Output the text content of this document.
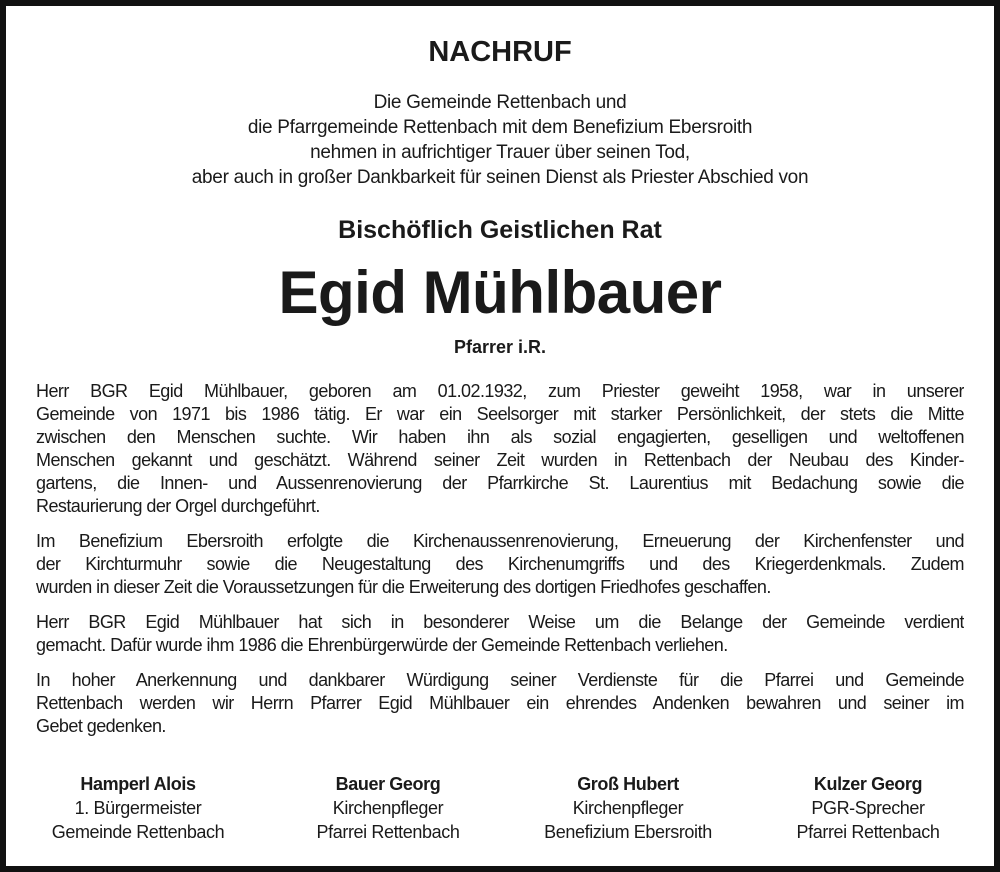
NACHRUF
Die Gemeinde Rettenbach und
die Pfarrgemeinde Rettenbach mit dem Benefizium Ebersroith
nehmen in aufrichtiger Trauer über seinen Tod,
aber auch in großer Dankbarkeit für seinen Dienst als Priester Abschied von
Bischöflich Geistlichen Rat
Egid Mühlbauer
Pfarrer i.R.
Herr BGR Egid Mühlbauer, geboren am 01.02.1932, zum Priester geweiht 1958, war in unserer
Gemeinde von 1971 bis 1986 tätig. Er war ein Seelsorger mit starker Persönlichkeit, der stets die Mitte
zwischen den Menschen suchte. Wir haben ihn als sozial engagierten, geselligen und weltoffenen
Menschen gekannt und geschätzt. Während seiner Zeit wurden in Rettenbach der Neubau des Kinder-
gartens, die Innen- und Aussenrenovierung der Pfarrkirche St. Laurentius mit Bedachung sowie die
Restaurierung der Orgel durchgeführt.
Im Benefizium Ebersroith erfolgte die Kirchenaussenrenovierung, Erneuerung der Kirchenfenster und
der Kirchturmuhr sowie die Neugestaltung des Kirchenumgriffs und des Kriegerdenkmals. Zudem
wurden in dieser Zeit die Voraussetzungen für die Erweiterung des dortigen Friedhofes geschaffen.
Herr BGR Egid Mühlbauer hat sich in besonderer Weise um die Belange der Gemeinde verdient
gemacht. Dafür wurde ihm 1986 die Ehrenbürgerwürde der Gemeinde Rettenbach verliehen.
In hoher Anerkennung und dankbarer Würdigung seiner Verdienste für die Pfarrei und Gemeinde
Rettenbach werden wir Herrn Pfarrer Egid Mühlbauer ein ehrendes Andenken bewahren und seiner im
Gebet gedenken.
Hamperl Alois
1. Bürgermeister
Gemeinde Rettenbach
Bauer Georg
Kirchenpfleger
Pfarrei Rettenbach
Groß Hubert
Kirchenpfleger
Benefizium Ebersroith
Kulzer Georg
PGR-Sprecher
Pfarrei Rettenbach
